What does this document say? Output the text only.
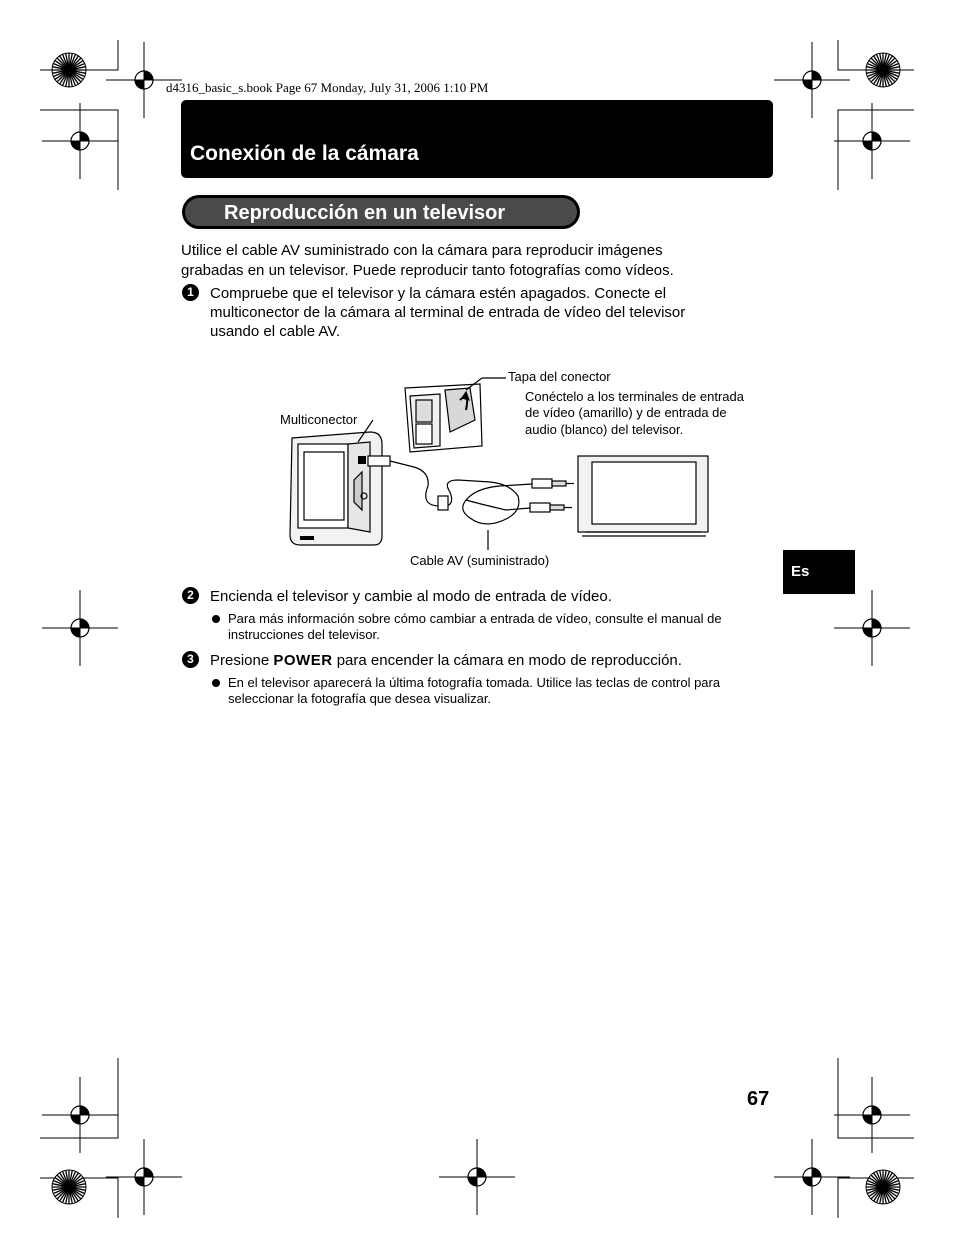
d4316_basic_s.book Page 67 Monday, July 31, 2006 1:10 PM
Conexión de la cámara
Reproducción en un televisor
Utilice el cable AV suministrado con la cámara para reproducir imágenes
grabadas en un televisor. Puede reproducir tanto fotografías como vídeos.
1	Compruebe que el televisor y la cámara estén apagados. Conecte el
multiconector de la cámara al terminal de entrada de vídeo del televisor
usando el cable AV.
Tapa del conector
Conéctelo a los terminales de entrada
de vídeo (amarillo) y de entrada de
audio (blanco) del televisor.
Multiconector
Cable AV (suministrado)
2	Encienda el televisor y cambie al modo de entrada de vídeo.
Para más información sobre cómo cambiar a entrada de vídeo, consulte el manual de
instrucciones del televisor.
3	Presione POWER para encender la cámara en modo de reproducción.
En el televisor aparecerá la última fotografía tomada. Utilice las teclas de control para
seleccionar la fotografía que desea visualizar.
Es
67
